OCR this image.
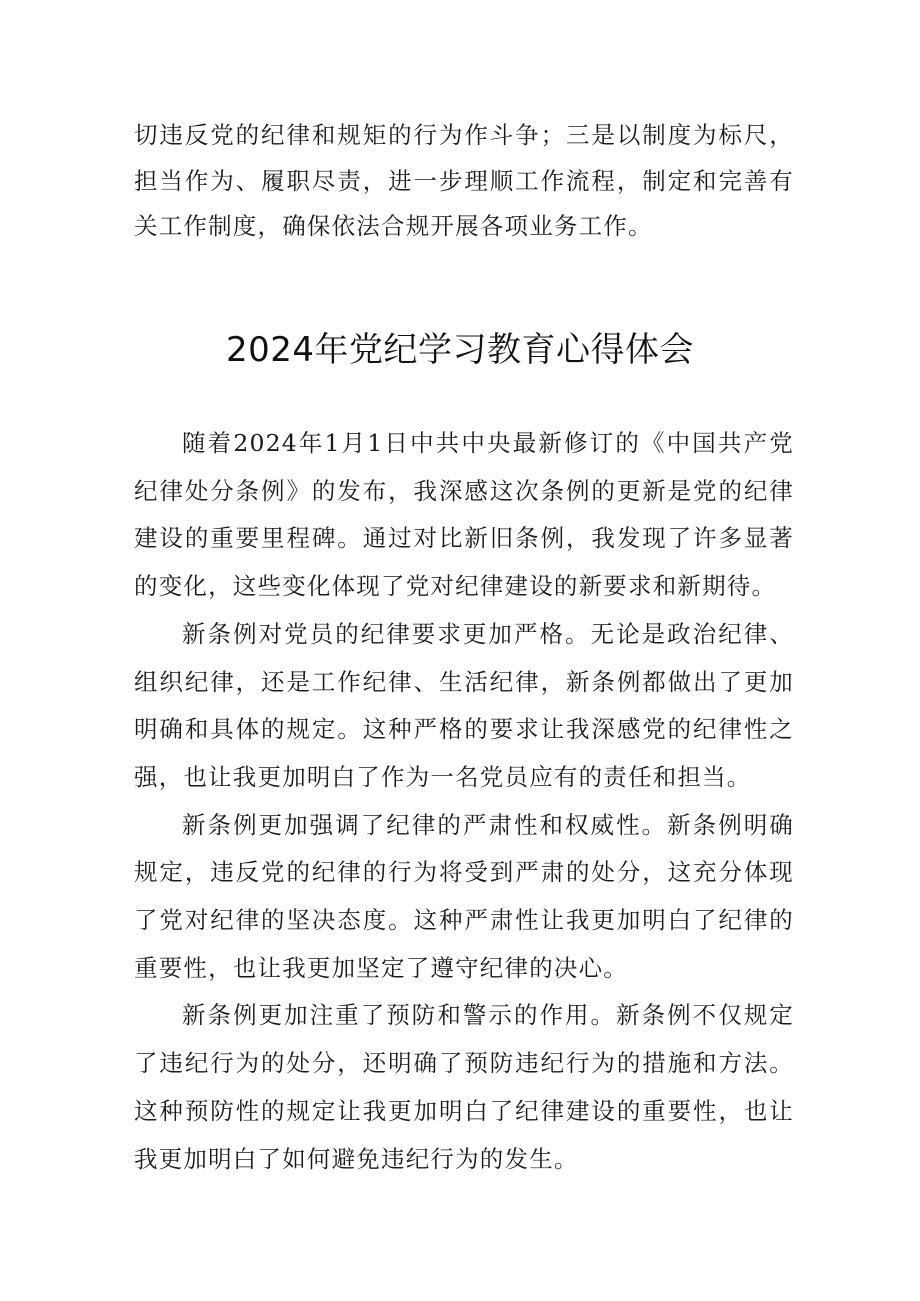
切违反党的纪律和规矩的行为作斗争；三是以制度为标尺，担当作为、履职尽责，进一步理顺工作流程，制定和完善有关工作制度，确保依法合规开展各项业务工作。

2024年党纪学习教育心得体会

随着2024年1月1日中共中央最新修订的《中国共产党纪律处分条例》的发布，我深感这次条例的更新是党的纪律建设的重要里程碑。通过对比新旧条例，我发现了许多显著的变化，这些变化体现了党对纪律建设的新要求和新期待。

新条例对党员的纪律要求更加严格。无论是政治纪律、组织纪律，还是工作纪律、生活纪律，新条例都做出了更加明确和具体的规定。这种严格的要求让我深感党的纪律性之强，也让我更加明白了作为一名党员应有的责任和担当。

新条例更加强调了纪律的严肃性和权威性。新条例明确规定，违反党的纪律的行为将受到严肃的处分，这充分体现了党对纪律的坚决态度。这种严肃性让我更加明白了纪律的重要性，也让我更加坚定了遵守纪律的决心。

新条例更加注重了预防和警示的作用。新条例不仅规定了违纪行为的处分，还明确了预防违纪行为的措施和方法。这种预防性的规定让我更加明白了纪律建设的重要性，也让我更加明白了如何避免违纪行为的发生。
